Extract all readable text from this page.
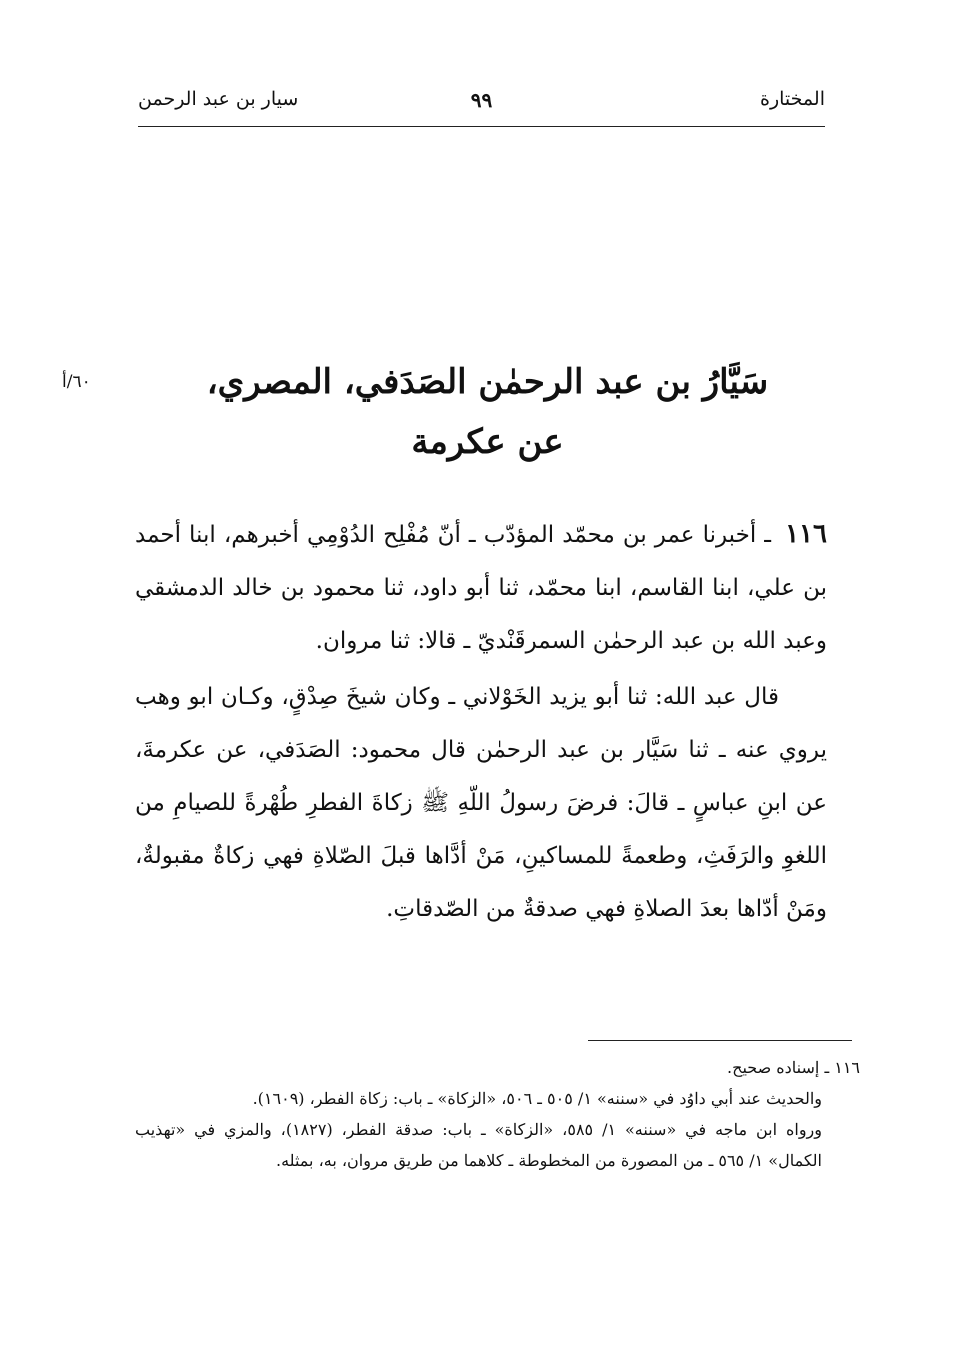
سيار بن عبد الرحمن	٩٩	المختارة
٦٠/أ	سَيَّارُ بن عبد الرحمٰن الصَدَفي، المصري،
عن عكرمة

١١٦ ـ أخبرنا عمر بن محمّد المؤدّب ـ أنّ مُفْلِح الدُوْمِي أخبرهم، ابنا أحمد بن علي، ابنا القاسم، ابنا محمّد، ثنا أبو داود، ثنا محمود بن خالد الدمشقي وعبد الله بن عبد الرحمٰن السمرقَنْديّ ـ قالا: ثنا مروان.

قال عبد الله: ثنا أبو يزيد الخَوْلاني ـ وكان شيخَ صِدْقٍ، وكـان ابو وهب يروي عنه ـ ثنا سَيَّار بن عبد الرحمٰن قال محمود: الصَدَفي، عن عكرمةَ، عن ابنِ عباسٍ ـ قالَ: فرضَ رسولُ اللّهِ ﷺ زكاةَ الفطرِ طُهْرةً للصيامِ من اللغوِ والرَفَثِ، وطعمةً للمساكينِ، مَنْ أدَّاها قبلَ الصّلاةِ فهي زكاةٌ مقبولةٌ، ومَنْ أدّاها بعدَ الصلاةِ فهي صدقةٌ من الصّدقاتِ.

١١٦ ـ إسناده صحيح.

والحديث عند أبي داوُد في «سننه» ١/ ٥٠٥ ـ ٥٠٦، «الزكاة» ـ باب: زكاة الفطر، (١٦٠٩).

ورواه ابن ماجه في «سننه» ١/ ٥٨٥، «الزكاة» ـ باب: صدقة الفطر، (١٨٢٧)، والمزي في «تهذيب الكمال» ١/ ٥٦٥ ـ من المصورة من المخطوطة ـ كلاهما من طريق مروان، به، بمثله.
